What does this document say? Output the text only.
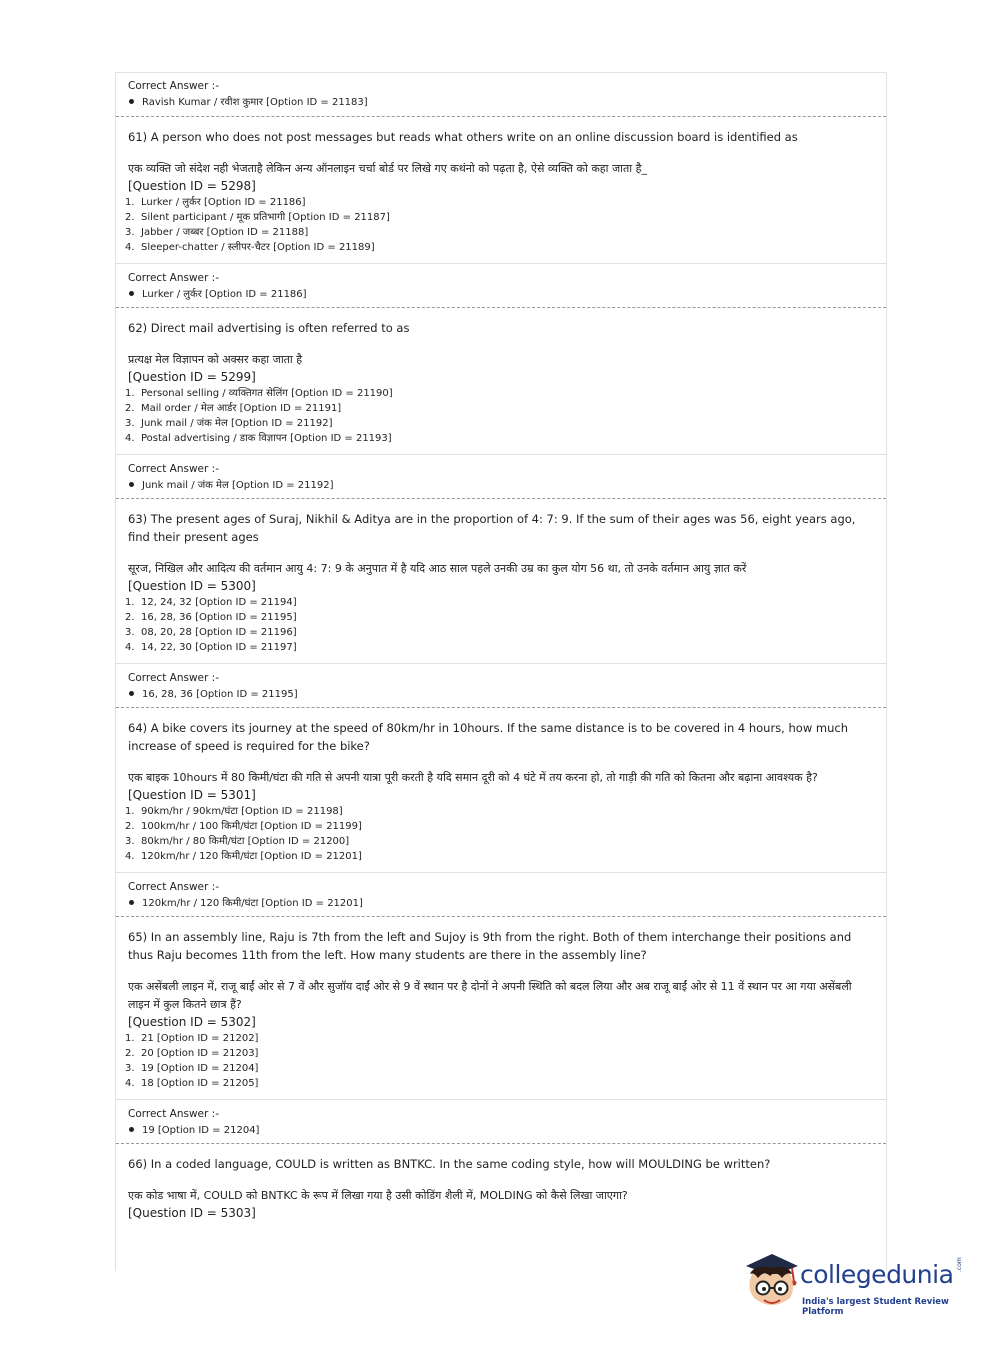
Correct Answer :-
Ravish Kumar / रवीश कुमार [Option ID = 21183]

61) A person who does not post messages but reads what others write on an online discussion board is identified as

एक व्यक्ति जो संदेश नही भेजताहै लेकिन अन्य ऑनलाइन चर्चा बोर्ड पर लिखे गए कथंनो को पढ़ता है, ऐसे व्यक्ति को कहा जाता है_

[Question ID = 5298]

1. Lurker / लुर्कर [Option ID = 21186]
2. Silent participant / मूक प्रतिभागी [Option ID = 21187]
3. Jabber / जब्बर [Option ID = 21188]
4. Sleeper-chatter / स्लीपर-चैटर [Option ID = 21189]
Correct Answer :-
Lurker / लुर्कर [Option ID = 21186]

62) Direct mail advertising is often referred to as

प्रत्यक्ष मेल विज्ञापन को अक्सर कहा जाता है

[Question ID = 5299]

1. Personal selling / व्यक्तिगत सेलिंग [Option ID = 21190]
2. Mail order / मेल आर्डर [Option ID = 21191]
3. Junk mail / जंक मेल [Option ID = 21192]
4. Postal advertising / डाक विज्ञापन [Option ID = 21193]
Correct Answer :-
Junk mail / जंक मेल [Option ID = 21192]

63) The present ages of Suraj, Nikhil & Aditya are in the proportion of 4: 7: 9. If the sum of their ages was 56, eight years ago, find their present ages

सूरज, निखिल और आदित्य की वर्तमान आयु 4: 7: 9 के अनुपात में है यदि आठ साल पहले उनकी उम्र का कुल योग 56 था, तो उनके वर्तमान आयु ज्ञात करें

[Question ID = 5300]

1. 12, 24, 32 [Option ID = 21194]
2. 16, 28, 36 [Option ID = 21195]
3. 08, 20, 28 [Option ID = 21196]
4. 14, 22, 30 [Option ID = 21197]
Correct Answer :-
16, 28, 36 [Option ID = 21195]

64) A bike covers its journey at the speed of 80km/hr in 10hours. If the same distance is to be covered in 4 hours, how much increase of speed is required for the bike?

एक बाइक 10hours में 80 किमी/घंटा की गति से अपनी यात्रा पूरी करती है यदि समान दूरी को 4 घंटे में तय करना हो, तो गाड़ी की गति को कितना और बढ़ाना आवश्यक है?

[Question ID = 5301]

1. 90km/hr / 90km/घंटा [Option ID = 21198]
2. 100km/hr / 100 किमी/घंटा [Option ID = 21199]
3. 80km/hr / 80 किमी/घंटा [Option ID = 21200]
4. 120km/hr / 120 किमी/घंटा [Option ID = 21201]
Correct Answer :-
120km/hr / 120 किमी/घंटा [Option ID = 21201]

65) In an assembly line, Raju is 7th from the left and Sujoy is 9th from the right. Both of them interchange their positions and thus Raju becomes 11th from the left. How many students are there in the assembly line?

एक असेंबली लाइन में, राजू बाईं ओर से 7 वें और सुजॉय दाईं ओर से 9 वें स्थान पर है दोनों ने अपनी स्थिति को बदल लिया और अब राजू बाईं ओर से 11 वें स्थान पर आ गया असेंबली लाइन में कुल कितने छात्र हैं?

[Question ID = 5302]

1. 21 [Option ID = 21202]
2. 20 [Option ID = 21203]
3. 19 [Option ID = 21204]
4. 18 [Option ID = 21205]
Correct Answer :-
19 [Option ID = 21204]

66) In a coded language, COULD is written as BNTKC. In the same coding style, how will MOULDING be written?

एक कोड भाषा में, COULD को BNTKC के रूप में लिखा गया है उसी कोडिंग शैली में, MOLDING को कैसे लिखा जाएगा?

[Question ID = 5303]

collegedunia .com
India's largest Student Review Platform
